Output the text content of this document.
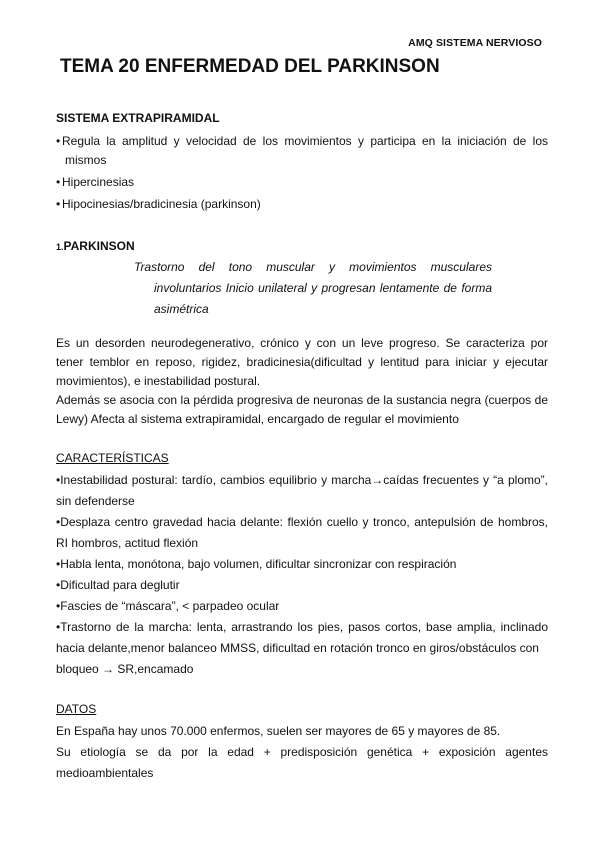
AMQ SISTEMA NERVIOSO
TEMA 20 ENFERMEDAD DEL PARKINSON

SISTEMA EXTRAPIRAMIDAL

• Regula la amplitud y velocidad de los movimientos y participa en la iniciación de los mismos
• Hipercinesias
• Hipocinesias/bradicinesia (parkinson)

1.PARKINSON

Trastorno del tono muscular y movimientos musculares involuntarios Inicio unilateral y progresan lentamente de forma asimétrica

Es un desorden neurodegenerativo, crónico y con un leve progreso. Se caracteriza por tener temblor en reposo, rigidez, bradicinesia(dificultad y lentitud para iniciar y ejecutar movimientos), e inestabilidad postural.

Además se asocia con la pérdida progresiva de neuronas de la sustancia negra (cuerpos de Lewy) Afecta al sistema extrapiramidal, encargado de regular el movimiento

CARACTERÍSTICAS

•Inestabilidad postural: tardío, cambios equilibrio y marcha→caídas frecuentes y “a plomo”, sin defenderse
•Desplaza centro gravedad hacia delante: flexión cuello y tronco, antepulsión de hombros, RI hombros, actitud flexión
•Habla lenta, monótona, bajo volumen, dificultar sincronizar con respiración
•Dificultad para deglutir
•Fascies de “máscara”, < parpadeo ocular
•Trastorno de la marcha: lenta, arrastrando los pies, pasos cortos, base amplia, inclinado hacia delante,menor balanceo MMSS, dificultad en rotación tronco en giros/obstáculos con

bloqueo → SR,encamado

DATOS

En España hay unos 70.000 enfermos, suelen ser mayores de 65 y mayores de 85.

Su etiología se da por la edad + predisposición genética + exposición agentes medioambientales
